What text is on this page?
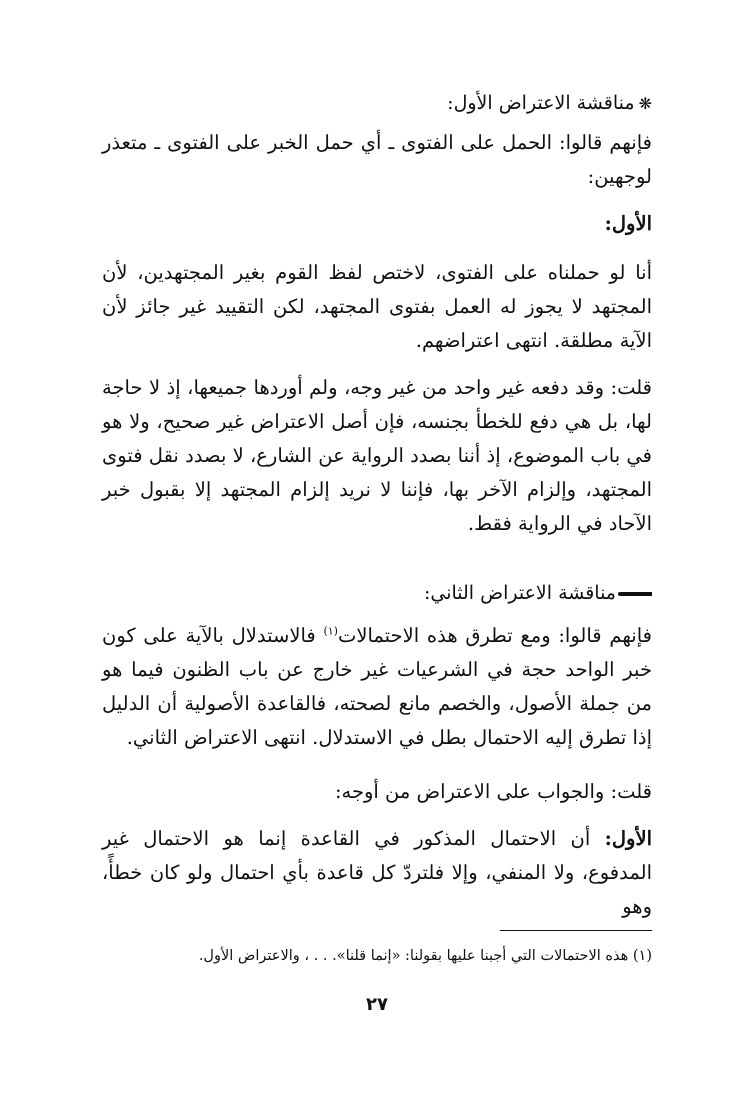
❋مناقشة الاعتراض الأول:
فإنهم قالوا: الحمل على الفتوى ـ أي حمل الخبر على الفتوى ـ متعذر لوجهين:
الأول:
أنا لو حملناه على الفتوى، لاختص لفظ القوم بغير المجتهدين، لأن المجتهد لا يجوز له العمل بفتوى المجتهد، لكن التقييد غير جائز لأن الآية مطلقة. انتهى اعتراضهم.
قلت: وقد دفعه غير واحد من غير وجه، ولم أوردها جميعها، إذ لا حاجة لها، بل هي دفع للخطأ بجنسه، فإن أصل الاعتراض غير صحيح، ولا هو في باب الموضوع، إذ أننا بصدد الرواية عن الشارع، لا بصدد نقل فتوى المجتهد، وإلزام الآخر بها، فإننا لا نريد إلزام المجتهد إلا بقبول خبر الآحاد في الرواية فقط.
مناقشة الاعتراض الثاني:
فإنهم قالوا: ومع تطرق هذه الاحتمالات$^{(١)}$ فالاستدلال بالآية على كون خبر الواحد حجة في الشرعيات غير خارج عن باب الظنون فيما هو من جملة الأصول، والخصم مانع لصحته، فالقاعدة الأصولية أن الدليل إذا تطرق إليه الاحتمال بطل في الاستدلال. انتهى الاعتراض الثاني.
قلت: والجواب على الاعتراض من أوجه:
الأول: أن الاحتمال المذكور في القاعدة إنما هو الاحتمال غير المدفوع، ولا المنفي، وإلا فلتردّ كل قاعدة بأي احتمال ولو كان خطأً، وهو
(١) هذه الاحتمالات التي أجبنا عليها بقولنا: «إنما قلنا». . . ، والاعتراض الأول.
٢٧
